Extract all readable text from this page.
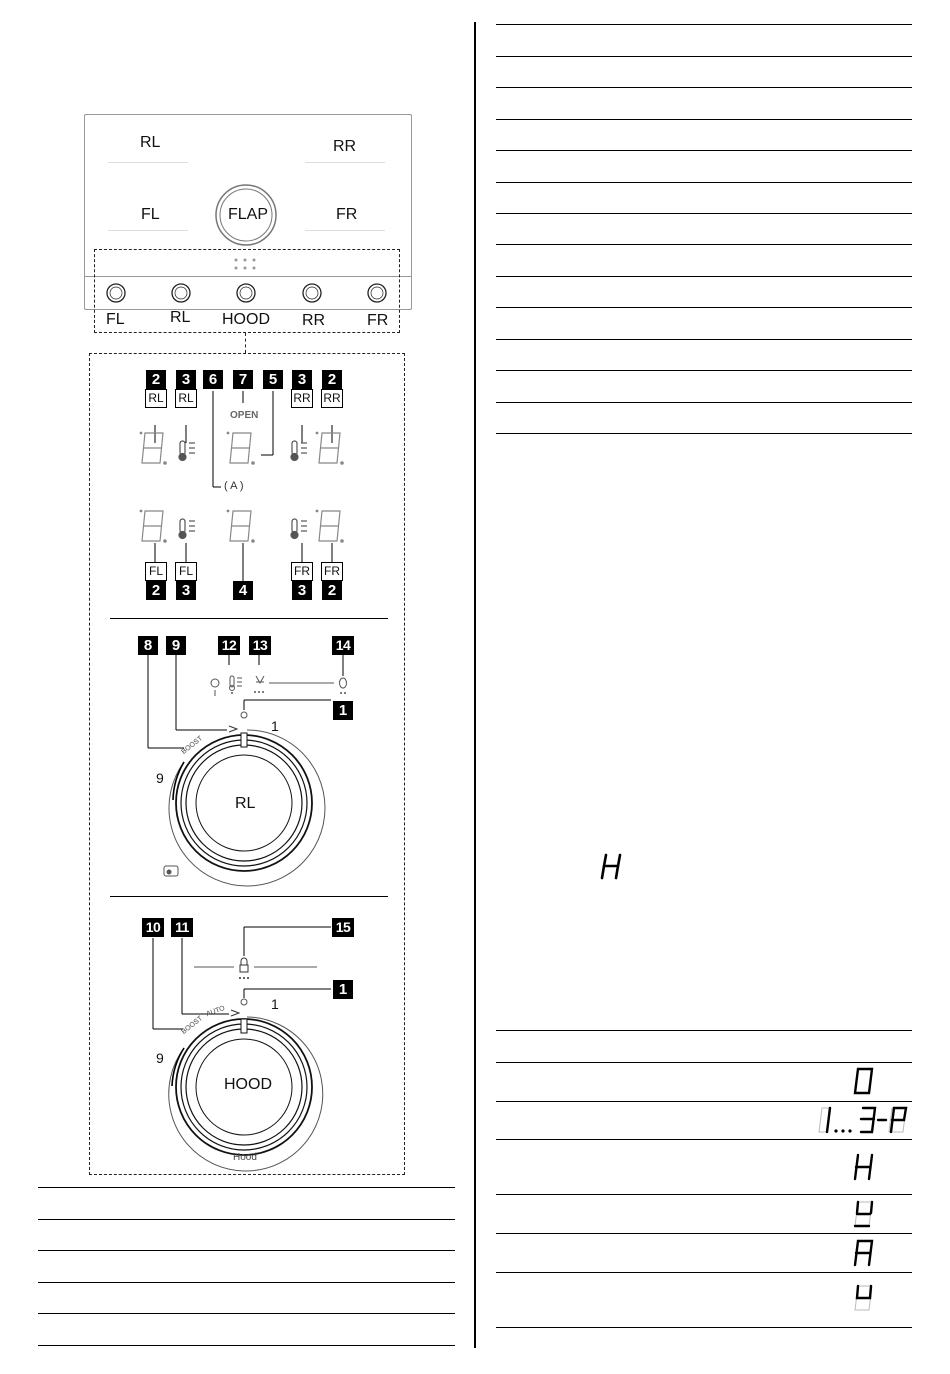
RL	RR
FL	FR
FLAP
FL	RL HOOD RR	FR
2	3	6	7	5	3	2
RL RL	RR RR
OPEN
( A )
FL	FL	FR FR
2	3	4	3	2
8	9	12 13	14
1
1
9
BOOST
RL
10 11	15
1
1
9
BOOST
AUTO
HOOD
Hood
